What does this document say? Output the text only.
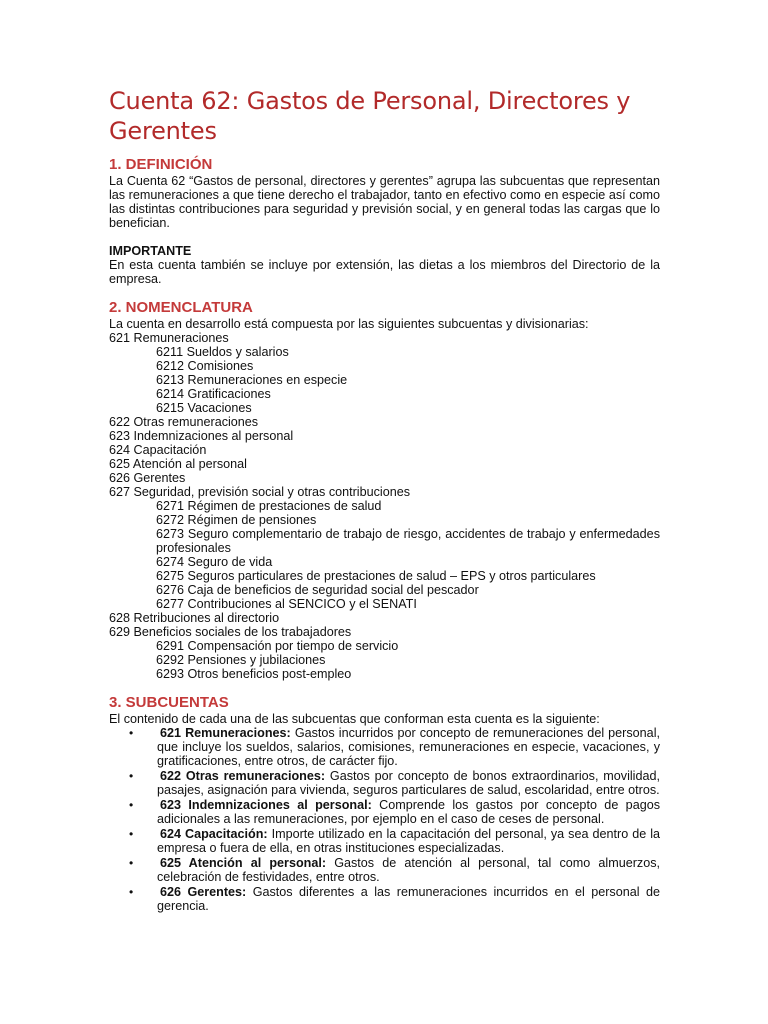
Cuenta 62: Gastos de Personal, Directores y Gerentes
1. DEFINICIÓN

La Cuenta 62 “Gastos de personal, directores y gerentes” agrupa las subcuentas que representan las remuneraciones a que tiene derecho el trabajador, tanto en efectivo como en especie así como las distintas contribuciones para seguridad y previsión social, y en general todas las cargas que lo benefician.

IMPORTANTE

En esta cuenta también se incluye por extensión, las dietas a los miembros del Directorio de la empresa.

2. NOMENCLATURA

La cuenta en desarrollo está compuesta por las siguientes subcuentas y divisionarias:

621 Remuneraciones
6211 Sueldos y salarios
6212 Comisiones
6213 Remuneraciones en especie
6214 Gratificaciones
6215 Vacaciones
622 Otras remuneraciones
623 Indemnizaciones al personal
624 Capacitación
625 Atención al personal
626 Gerentes
627 Seguridad, previsión social y otras contribuciones
6271 Régimen de prestaciones de salud
6272 Régimen de pensiones
6273 Seguro complementario de trabajo de riesgo, accidentes de trabajo y enfermedades profesionales
6274 Seguro de vida
6275 Seguros particulares de prestaciones de salud – EPS y otros particulares
6276 Caja de beneficios de seguridad social del pescador
6277 Contribuciones al SENCICO y el SENATI
628 Retribuciones al directorio
629 Beneficios sociales de los trabajadores
6291 Compensación por tiempo de servicio
6292 Pensiones y jubilaciones
6293 Otros beneficios post-empleo
3. SUBCUENTAS

El contenido de cada una de las subcuentas que conforman esta cuenta es la siguiente:

• 621 Remuneraciones: Gastos incurridos por concepto de remuneraciones del personal, que incluye los sueldos, salarios, comisiones, remuneraciones en especie, vacaciones, y gratificaciones, entre otros, de carácter fijo.
• 622 Otras remuneraciones: Gastos por concepto de bonos extraordinarios, movilidad, pasajes, asignación para vivienda, seguros particulares de salud, escolaridad, entre otros.
• 623 Indemnizaciones al personal: Comprende los gastos por concepto de pagos adicionales a las remuneraciones, por ejemplo en el caso de ceses de personal.
• 624 Capacitación: Importe utilizado en la capacitación del personal, ya sea dentro de la empresa o fuera de ella, en otras instituciones especializadas.
• 625 Atención al personal: Gastos de atención al personal, tal como almuerzos, celebración de festividades, entre otros.
• 626 Gerentes: Gastos diferentes a las remuneraciones incurridos en el personal de gerencia.
